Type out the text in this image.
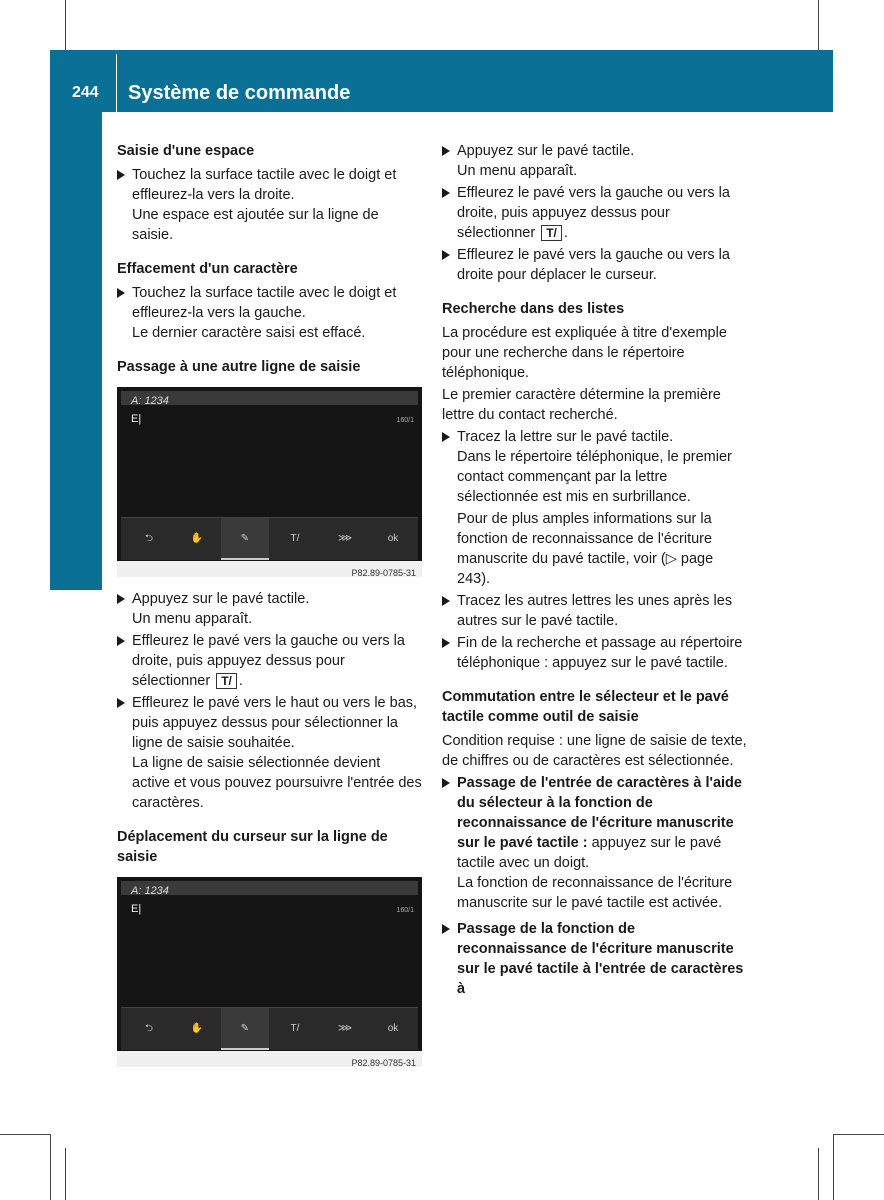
244 Système de commande
Audio 20/COMAND Online
Saisie d'une espace
Touchez la surface tactile avec le doigt et effleurez-la vers la droite.

Une espace est ajoutée sur la ligne de saisie.

Effacement d'un caractère
Touchez la surface tactile avec le doigt et effleurez-la vers la gauche.

Le dernier caractère saisi est effacé.

Passage à une autre ligne de saisie
A: 1234
E|	160/1
⮌	✋	✎	T/	⋙	ok
P82.89-0785-31
Appuyez sur le pavé tactile.

Un menu apparaît.

Effleurez le pavé vers la gauche ou vers la droite, puis appuyez dessus pour sélectionner T/ .
Effleurez le pavé vers le haut ou vers le bas, puis appuyez dessus pour sélectionner la ligne de saisie souhaitée.

La ligne de saisie sélectionnée devient active et vous pouvez poursuivre l'entrée des caractères.

Déplacement du curseur sur la ligne de saisie
A: 1234
E|	160/1
⮌	✋	✎	T/	⋙	ok
P82.89-0785-31
Appuyez sur le pavé tactile.

Un menu apparaît.

Effleurez le pavé vers la gauche ou vers la droite, puis appuyez dessus pour sélectionner T/ .
Effleurez le pavé vers la gauche ou vers la droite pour déplacer le curseur.
Recherche dans des listes

La procédure est expliquée à titre d'exemple pour une recherche dans le répertoire téléphonique.

Le premier caractère détermine la première lettre du contact recherché.

Tracez la lettre sur le pavé tactile.

Dans le répertoire téléphonique, le premier contact commençant par la lettre sélectionnée est mis en surbrillance.

Pour de plus amples informations sur la fonction de reconnaissance de l'écriture manuscrite du pavé tactile, voir (▷ page 243).

Tracez les autres lettres les unes après les autres sur le pavé tactile.
Fin de la recherche et passage au répertoire téléphonique : appuyez sur le pavé tactile.
Commutation entre le sélecteur et le pavé tactile comme outil de saisie

Condition requise : une ligne de saisie de texte, de chiffres ou de caractères est sélectionnée.

Passage de l'entrée de caractères à l'aide du sélecteur à la fonction de reconnaissance de l'écriture manuscrite sur le pavé tactile : appuyez sur le pavé tactile avec un doigt.

La fonction de reconnaissance de l'écriture manuscrite sur le pavé tactile est activée.

Passage de la fonction de reconnaissance de l'écriture manuscrite sur le pavé tactile à l'entrée de caractères à
